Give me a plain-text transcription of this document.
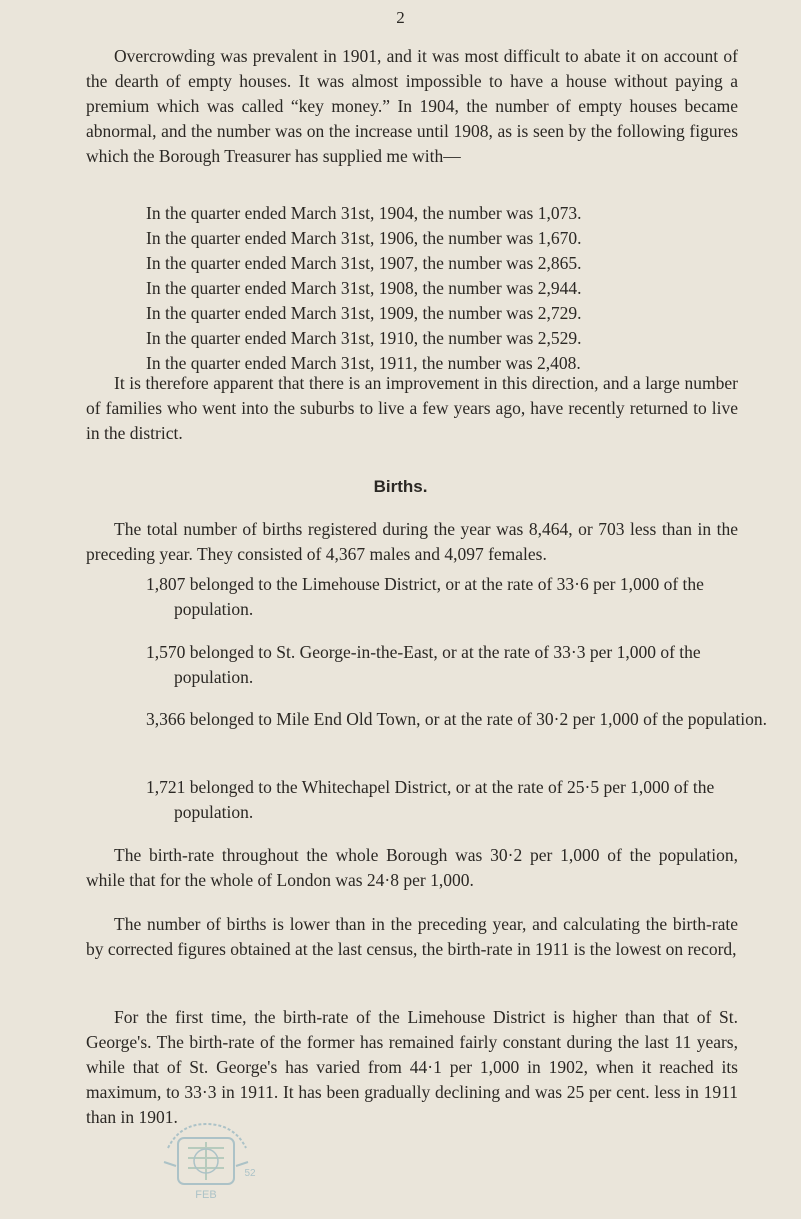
2

Overcrowding was prevalent in 1901, and it was most difficult to abate it on account of the dearth of empty houses. It was almost impossible to have a house without paying a premium which was called “key money.” In 1904, the number of empty houses became abnormal, and the number was on the increase until 1908, as is seen by the following figures which the Borough Treasurer has supplied me with—

In the quarter ended March 31st, 1904, the number was 1,073.
In the quarter ended March 31st, 1906, the number was 1,670.
In the quarter ended March 31st, 1907, the number was 2,865.
In the quarter ended March 31st, 1908, the number was 2,944.
In the quarter ended March 31st, 1909, the number was 2,729.
In the quarter ended March 31st, 1910, the number was 2,529.
In the quarter ended March 31st, 1911, the number was 2,408.

It is therefore apparent that there is an improvement in this direction, and a large number of families who went into the suburbs to live a few years ago, have recently returned to live in the district.

Births.

The total number of births registered during the year was 8,464, or 703 less than in the preceding year. They consisted of 4,367 males and 4,097 females.

1,807 belonged to the Limehouse District, or at the rate of 33·6 per 1,000 of the population.

1,570 belonged to St. George-in-the-East, or at the rate of 33·3 per 1,000 of the population.

3,366 belonged to Mile End Old Town, or at the rate of 30·2 per 1,000 of the population.

1,721 belonged to the Whitechapel District, or at the rate of 25·5 per 1,000 of the population.

The birth-rate throughout the whole Borough was 30·2 per 1,000 of the population, while that for the whole of London was 24·8 per 1,000.

The number of births is lower than in the preceding year, and calculating the birth-rate by corrected figures obtained at the last census, the birth-rate in 1911 is the lowest on record,

For the first time, the birth-rate of the Limehouse District is higher than that of St. George's. The birth-rate of the former has remained fairly constant during the last 11 years, while that of St. George's has varied from 44·1 per 1,000 in 1902, when it reached its maximum, to 33·3 in 1911. It has been gradually declining and was 25 per cent. less in 1911 than in 1901.

FEB
52
